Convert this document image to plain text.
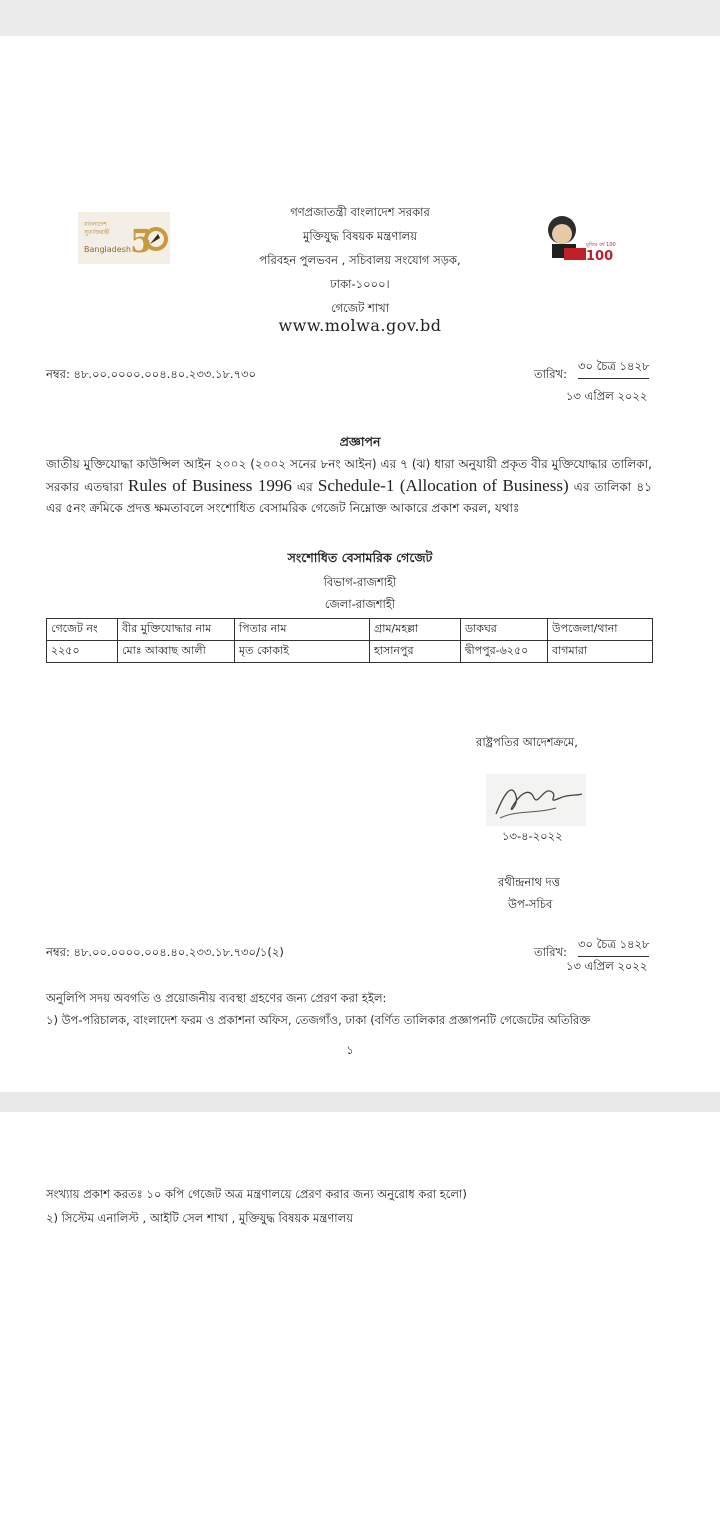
বাংলাদেশ
সুবর্ণজয়ন্তী
Bangladesh 5	100
মুজিব বর্ষ 100
গণপ্রজাতন্ত্রী বাংলাদেশ সরকার
মুক্তিযুদ্ধ বিষয়ক মন্ত্রণালয়
পরিবহন পুলভবন , সচিবালয় সংযোগ সড়ক,
ঢাকা-১০০০।
গেজেট শাখা
www.molwa.gov.bd
নম্বর: ৪৮.০০.০০০০.০০৪.৪০.২৩৩.১৮.৭৩০	তারিখ:
৩০ চৈত্র ১৪২৮
১৩ এপ্রিল ২০২২
প্রজ্ঞাপন
জাতীয় মুক্তিযোদ্ধা কাউন্সিল আইন ২০০২ (২০০২ সনের ৮নং আইন) এর ৭ (ঝ) ধারা অনুযায়ী প্রকৃত বীর মুক্তিযোদ্ধার তালিকা, সরকার এতদ্বারা Rules of Business 1996 এর Schedule-1 (Allocation of Business) এর তালিকা ৪১ এর ৫নং ক্রমিকে প্রদত্ত ক্ষমতাবলে সংশোধিত বেসামরিক গেজেট নিম্নোক্ত আকারে প্রকাশ করল, যথাঃ
সংশোধিত বেসামরিক গেজেট
বিভাগ-রাজশাহী
জেলা-রাজশাহী
গেজেট নং	বীর মুক্তিযোদ্ধার নাম	পিতার নাম	গ্রাম/মহল্লা	ডাকঘর	উপজেলা/থানা
২২৫০	মোঃ আব্বাছ আলী	মৃত কোকাই	হাসানপুর	দ্বীপপুর-৬২৫০	বাগমারা
রাষ্ট্রপতির আদেশক্রমে,
১৩-৪-২০২২
রথীন্দ্রনাথ দত্ত
উপ-সচিব
নম্বর: ৪৮.০০.০০০০.০০৪.৪০.২৩৩.১৮.৭৩০/১(২)	তারিখ:
৩০ চৈত্র ১৪২৮
১৩ এপ্রিল ২০২২
অনুলিপি সদয় অবগতি ও প্রয়োজনীয় ব্যবস্থা গ্রহণের জন্য প্রেরণ করা হইল:
১) উপ-পরিচালক, বাংলাদেশ ফরম ও প্রকাশনা অফিস, তেজগাঁও, ঢাকা (বর্ণিত তালিকার প্রজ্ঞাপনটি গেজেটের অতিরিক্ত
১
সংখ্যায় প্রকাশ করতঃ ১০ কপি গেজেট অত্র মন্ত্রণালয়ে প্রেরণ করার জন্য অনুরোধ করা হলো)
২) সিস্টেম এনালিস্ট , আইটি সেল শাখা , মুক্তিযুদ্ধ বিষয়ক মন্ত্রণালয়
